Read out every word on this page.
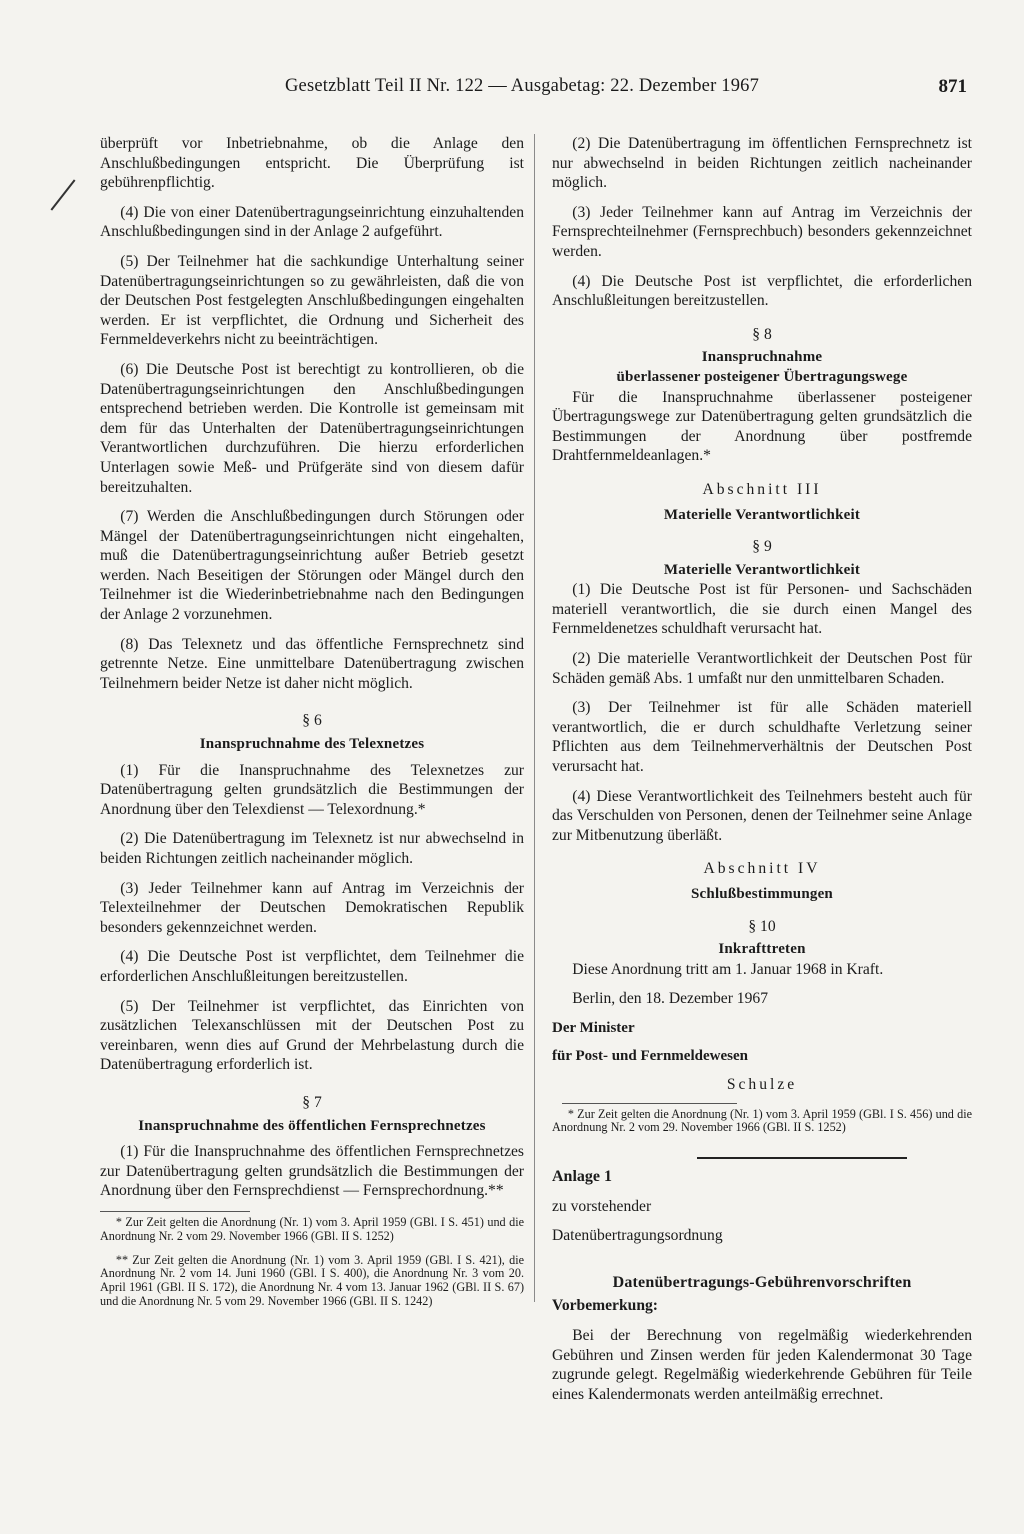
Gesetzblatt Teil II Nr. 122 — Ausgabetag: 22. Dezember 1967	871

überprüft vor Inbetriebnahme, ob die Anlage den Anschlußbedingungen entspricht. Die Überprüfung ist gebührenpflichtig.

(4) Die von einer Datenübertragungseinrichtung einzuhaltenden Anschlußbedingungen sind in der Anlage 2 aufgeführt.

(5) Der Teilnehmer hat die sachkundige Unterhaltung seiner Datenübertragungseinrichtungen so zu gewährleisten, daß die von der Deutschen Post festgelegten Anschlußbedingungen eingehalten werden. Er ist verpflichtet, die Ordnung und Sicherheit des Fernmeldeverkehrs nicht zu beeinträchtigen.

(6) Die Deutsche Post ist berechtigt zu kontrollieren, ob die Datenübertragungseinrichtungen den Anschlußbedingungen entsprechend betrieben werden. Die Kontrolle ist gemeinsam mit dem für das Unterhalten der Datenübertragungseinrichtungen Verantwortlichen durchzuführen. Die hierzu erforderlichen Unterlagen sowie Meß- und Prüfgeräte sind von diesem dafür bereitzuhalten.

(7) Werden die Anschlußbedingungen durch Störungen oder Mängel der Datenübertragungseinrichtungen nicht eingehalten, muß die Datenübertragungseinrichtung außer Betrieb gesetzt werden. Nach Beseitigen der Störungen oder Mängel durch den Teilnehmer ist die Wiederinbetriebnahme nach den Bedingungen der Anlage 2 vorzunehmen.

(8) Das Telexnetz und das öffentliche Fernsprechnetz sind getrennte Netze. Eine unmittelbare Datenübertragung zwischen Teilnehmern beider Netze ist daher nicht möglich.

§ 6
Inanspruchnahme des Telexnetzes

(1) Für die Inanspruchnahme des Telexnetzes zur Datenübertragung gelten grundsätzlich die Bestimmungen der Anordnung über den Telexdienst — Telexordnung.*

(2) Die Datenübertragung im Telexnetz ist nur abwechselnd in beiden Richtungen zeitlich nacheinander möglich.

(3) Jeder Teilnehmer kann auf Antrag im Verzeichnis der Telexteilnehmer der Deutschen Demokratischen Republik besonders gekennzeichnet werden.

(4) Die Deutsche Post ist verpflichtet, dem Teilnehmer die erforderlichen Anschlußleitungen bereitzustellen.

(5) Der Teilnehmer ist verpflichtet, das Einrichten von zusätzlichen Telexanschlüssen mit der Deutschen Post zu vereinbaren, wenn dies auf Grund der Mehrbelastung durch die Datenübertragung erforderlich ist.

§ 7
Inanspruchnahme des öffentlichen Fernsprechnetzes

(1) Für die Inanspruchnahme des öffentlichen Fernsprechnetzes zur Datenübertragung gelten grundsätzlich die Bestimmungen der Anordnung über den Fernsprechdienst — Fernsprechordnung.**

* Zur Zeit gelten die Anordnung (Nr. 1) vom 3. April 1959 (GBl. I S. 451) und die Anordnung Nr. 2 vom 29. November 1966 (GBl. II S. 1252)

** Zur Zeit gelten die Anordnung (Nr. 1) vom 3. April 1959 (GBl. I S. 421), die Anordnung Nr. 2 vom 14. Juni 1960 (GBl. I S. 400), die Anordnung Nr. 3 vom 20. April 1961 (GBl. II S. 172), die Anordnung Nr. 4 vom 13. Januar 1962 (GBl. II S. 67) und die Anordnung Nr. 5 vom 29. November 1966 (GBl. II S. 1242)

(2) Die Datenübertragung im öffentlichen Fernsprechnetz ist nur abwechselnd in beiden Richtungen zeitlich nacheinander möglich.

(3) Jeder Teilnehmer kann auf Antrag im Verzeichnis der Fernsprechteilnehmer (Fernsprechbuch) besonders gekennzeichnet werden.

(4) Die Deutsche Post ist verpflichtet, die erforderlichen Anschlußleitungen bereitzustellen.

§ 8
Inanspruchnahme
überlassener posteigener Übertragungswege

Für die Inanspruchnahme überlassener posteigener Übertragungswege zur Datenübertragung gelten grundsätzlich die Bestimmungen der Anordnung über postfremde Drahtfernmeldeanlagen.*

Abschnitt III
Materielle Verantwortlichkeit
§ 9
Materielle Verantwortlichkeit

(1) Die Deutsche Post ist für Personen- und Sachschäden materiell verantwortlich, die sie durch einen Mangel des Fernmeldenetzes schuldhaft verursacht hat.

(2) Die materielle Verantwortlichkeit der Deutschen Post für Schäden gemäß Abs. 1 umfaßt nur den unmittelbaren Schaden.

(3) Der Teilnehmer ist für alle Schäden materiell verantwortlich, die er durch schuldhafte Verletzung seiner Pflichten aus dem Teilnehmerverhältnis der Deutschen Post verursacht hat.

(4) Diese Verantwortlichkeit des Teilnehmers besteht auch für das Verschulden von Personen, denen der Teilnehmer seine Anlage zur Mitbenutzung überläßt.

Abschnitt IV
Schlußbestimmungen
§ 10
Inkrafttreten

Diese Anordnung tritt am 1. Januar 1968 in Kraft.

Berlin, den 18. Dezember 1967

Der Minister

für Post- und Fernmeldewesen

Schulze

* Zur Zeit gelten die Anordnung (Nr. 1) vom 3. April 1959 (GBl. I S. 456) und die Anordnung Nr. 2 vom 29. November 1966 (GBl. II S. 1252)

Anlage 1

zu vorstehender

Datenübertragungsordnung

Datenübertragungs-Gebührenvorschriften

Vorbemerkung:

Bei der Berechnung von regelmäßig wiederkehrenden Gebühren und Zinsen werden für jeden Kalendermonat 30 Tage zugrunde gelegt. Regelmäßig wiederkehrende Gebühren für Teile eines Kalendermonats werden anteilmäßig errechnet.
